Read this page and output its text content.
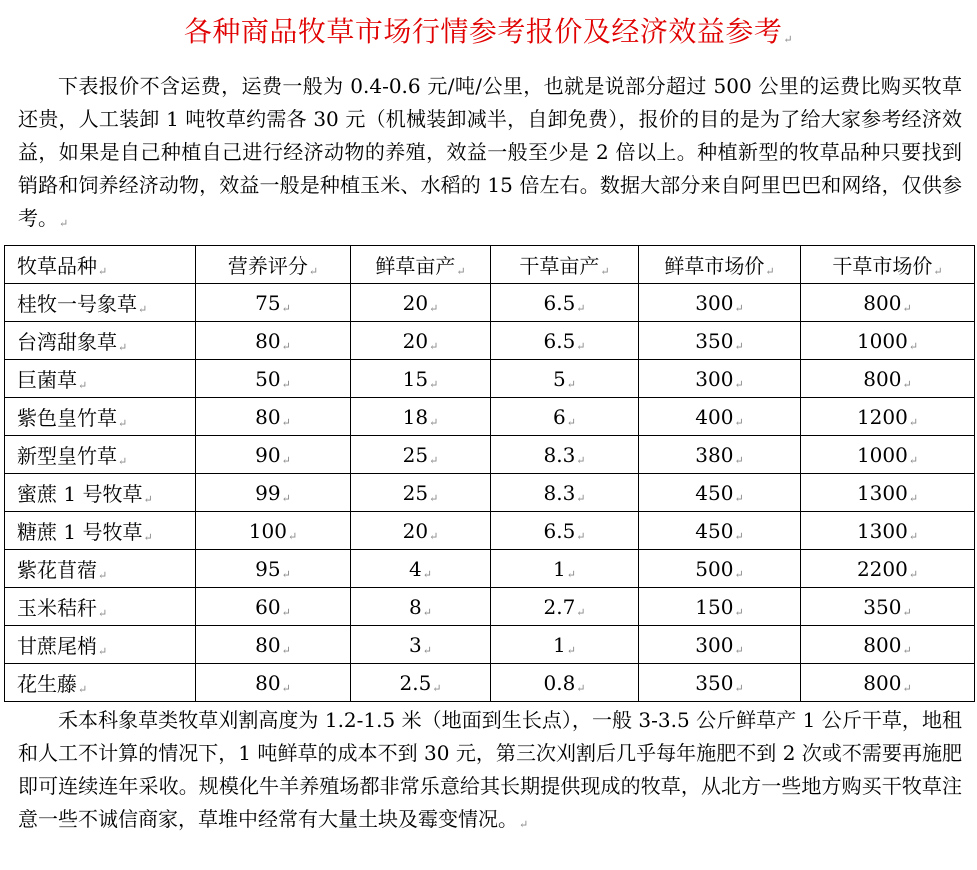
各种商品牧草市场行情参考报价及经济效益参考↵

下表报价不含运费，运费一般为 0.4-0.6 元/吨/公里，也就是说部分超过 500 公里的运费比购买牧草还贵，人工装卸 1 吨牧草约需各 30 元（机械装卸减半，自卸免费），报价的目的是为了给大家参考经济效益，如果是自己种植自己进行经济动物的养殖，效益一般至少是 2 倍以上。种植新型的牧草品种只要找到销路和饲养经济动物，效益一般是种植玉米、水稻的 15 倍左右。数据大部分来自阿里巴巴和网络，仅供参考。↵

牧草品种↵	营养评分↵	鲜草亩产↵	干草亩产↵	鲜草市场价↵	干草市场价↵
桂牧一号象草↵	75↵	20↵	6.5↵	300↵	800↵
台湾甜象草↵	80↵	20↵	6.5↵	350↵	1000↵
巨菌草↵	50↵	15↵	5↵	300↵	800↵
紫色皇竹草↵	80↵	18↵	6↵	400↵	1200↵
新型皇竹草↵	90↵	25↵	8.3↵	380↵	1000↵
蜜蔗 1 号牧草↵	99↵	25↵	8.3↵	450↵	1300↵
糖蔗 1 号牧草↵	100↵	20↵	6.5↵	450↵	1300↵
紫花苜蓿↵	95↵	4↵	1↵	500↵	2200↵
玉米秸秆↵	60↵	8↵	2.7↵	150↵	350↵
甘蔗尾梢↵	80↵	3↵	1↵	300↵	800↵
花生藤↵	80↵	2.5↵	0.8↵	350↵	800↵

禾本科象草类牧草刈割高度为 1.2-1.5 米（地面到生长点），一般 3-3.5 公斤鲜草产 1 公斤干草，地租和人工不计算的情况下，1 吨鲜草的成本不到 30 元，第三次刈割后几乎每年施肥不到 2 次或不需要再施肥即可连续连年采收。规模化牛羊养殖场都非常乐意给其长期提供现成的牧草，从北方一些地方购买干牧草注意一些不诚信商家，草堆中经常有大量土块及霉变情况。↵
